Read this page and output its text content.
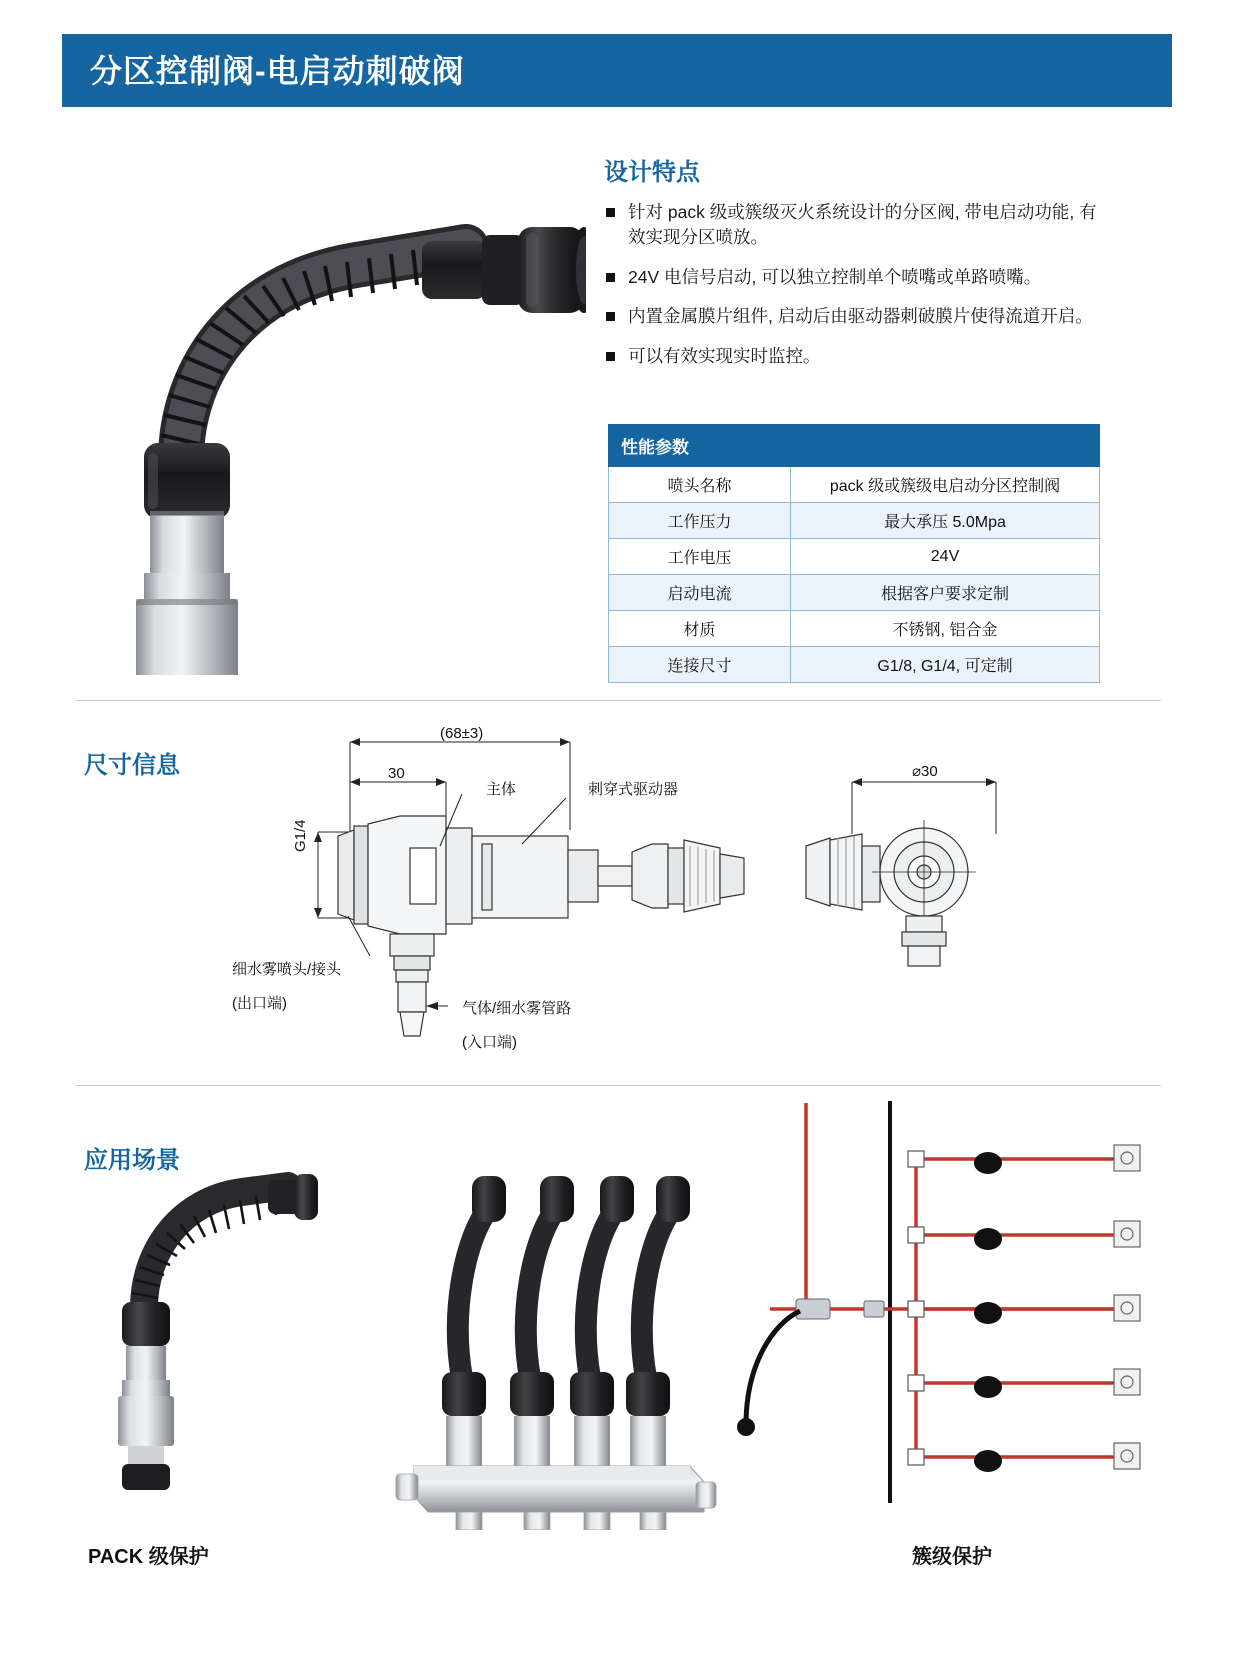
分区控制阀-电启动刺破阀
设计特点
针对 pack 级或簇级灭火系统设计的分区阀, 带电启动功能, 有效实现分区喷放。
24V 电信号启动, 可以独立控制单个喷嘴或单路喷嘴。
内置金属膜片组件, 启动后由驱动器刺破膜片使得流道开启。
可以有效实现实时监控。
性能参数	
喷头名称	pack 级或簇级电启动分区控制阀
工作压力	最大承压 5.0Mpa
工作电压	24V
启动电流	根据客户要求定制
材质	不锈钢, 铝合金
连接尺寸	G1/8, G1/4, 可定制
尺寸信息
(68±3)
30
G1/4
主体	刺穿式驱动器
细水雾喷头/接头
(出口端)	气体/细水雾管路
(入口端)
⌀30
应用场景
PACK 级保护	簇级保护
